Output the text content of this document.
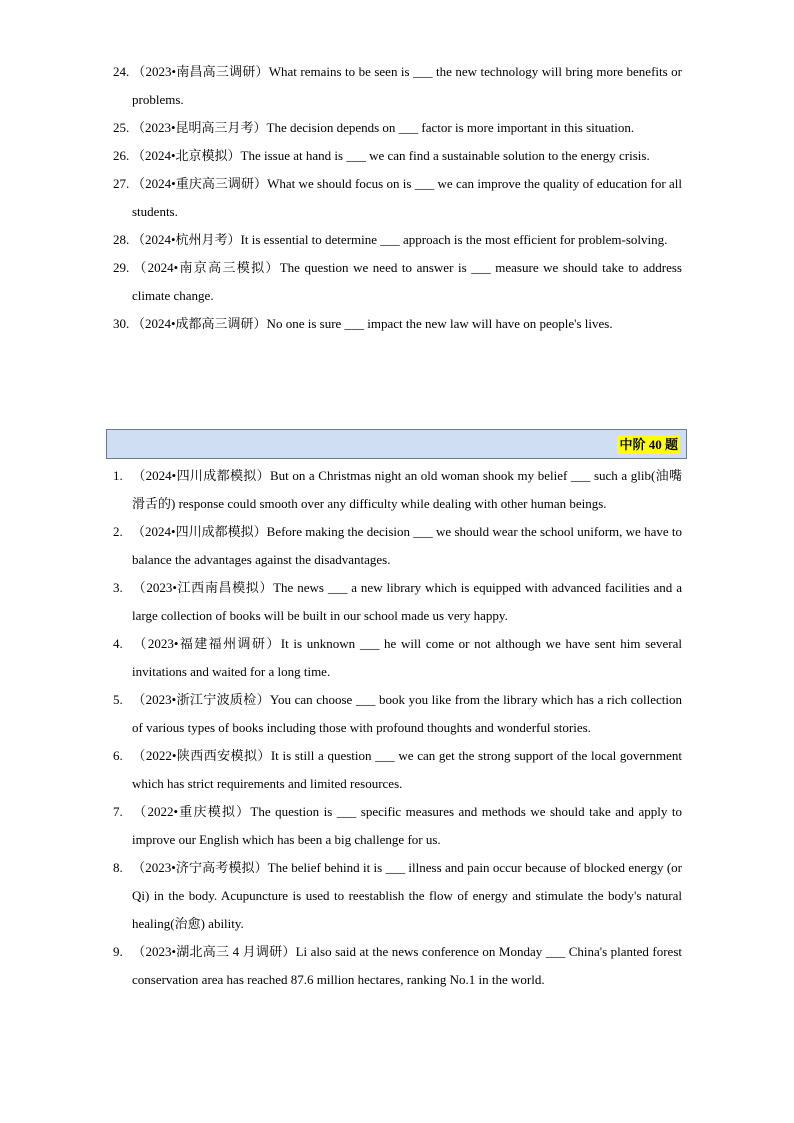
24. （2023•南昌高三调研）What remains to be seen is ___ the new technology will bring more benefits or problems.

25. （2023•昆明高三月考）The decision depends on ___ factor is more important in this situation.

26. （2024•北京模拟）The issue at hand is ___ we can find a sustainable solution to the energy crisis.

27. （2024•重庆高三调研）What we should focus on is ___ we can improve the quality of education for all students.

28. （2024•杭州月考）It is essential to determine ___ approach is the most efficient for problem-solving.

29. （2024•南京高三模拟）The question we need to answer is ___ measure we should take to address climate change.

30. （2024•成都高三调研）No one is sure ___ impact the new law will have on people's lives.

中阶 40 题

1. （2024•四川成都模拟）But on a Christmas night an old woman shook my belief ___ such a glib(油嘴滑舌的) response could smooth over any difficulty while dealing with other human beings.

2. （2024•四川成都模拟）Before making the decision ___ we should wear the school uniform, we have to balance the advantages against the disadvantages.

3. （2023•江西南昌模拟）The news ___ a new library which is equipped with advanced facilities and a large collection of books will be built in our school made us very happy.

4. （2023•福建福州调研）It is unknown ___ he will come or not although we have sent him several invitations and waited for a long time.

5. （2023•浙江宁波质检）You can choose ___ book you like from the library which has a rich collection of various types of books including those with profound thoughts and wonderful stories.

6. （2022•陕西西安模拟）It is still a question ___ we can get the strong support of the local government which has strict requirements and limited resources.

7. （2022•重庆模拟）The question is ___ specific measures and methods we should take and apply to improve our English which has been a big challenge for us.

8. （2023•济宁高考模拟）The belief behind it is ___ illness and pain occur because of blocked energy (or Qi) in the body. Acupuncture is used to reestablish the flow of energy and stimulate the body's natural healing(治愈) ability.

9. （2023•湖北高三 4 月调研）Li also said at the news conference on Monday ___ China's planted forest conservation area has reached 87.6 million hectares, ranking No.1 in the world.
